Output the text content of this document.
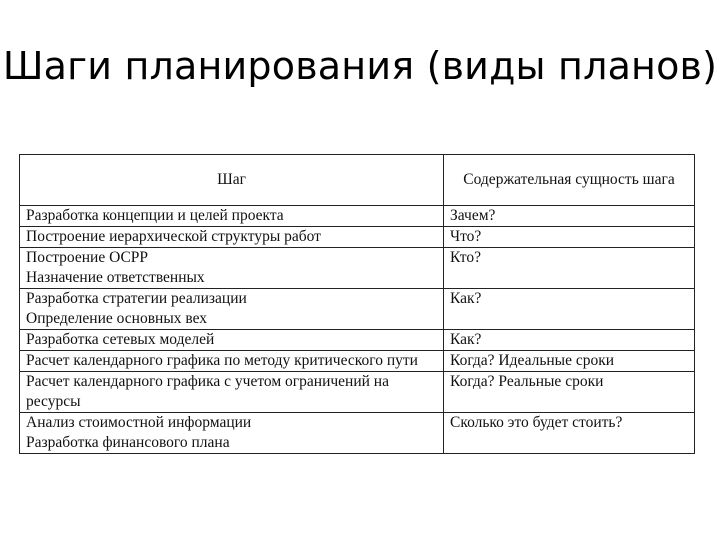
Шаги планирования (виды планов)
Шаг	Содержательная сущность шага

Разработка концепции и целей проекта	Зачем?

Построение иерархической структуры работ	Что?

Построение ОСРР
Назначение ответственных	Кто?

Разработка стратегии реализации
Определение основных вех	Как?

Разработка сетевых моделей	Как?

Расчет календарного графика по методу критического пути	Когда? Идеальные сроки

Расчет календарного графика с учетом ограничений на
ресурсы	Когда? Реальные сроки

Анализ стоимостной информации
Разработка финансового плана	Сколько это будет стоить?
